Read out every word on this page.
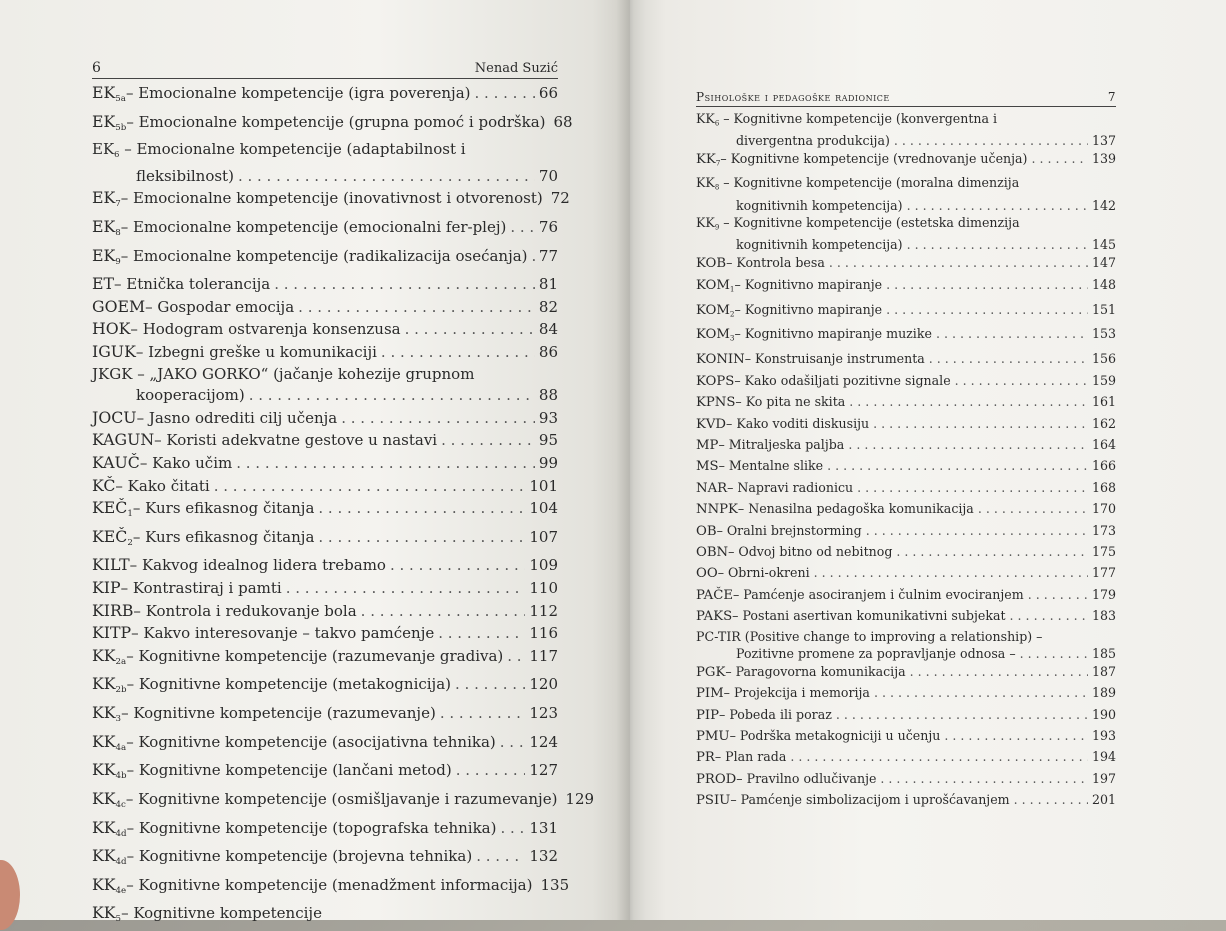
6	Nenad Suzić
$EK_{5a}$ – Emocionalne kompetencije (igra poverenja) . . .	66
$EK_{5b}$ – Emocionalne kompetencije (grupna pomoć i podrška) 68
$EK_6$ – Emocionalne kompetencije (adaptabilnost i
fleksibilnost) . . .	70
$EK_7$ – Emocionalne kompetencije (inovativnost i otvorenost) 72
$EK_8$ – Emocionalne kompetencije (emocionalni fer-plej) . . . 76
$EK_9$ – Emocionalne kompetencije (radikalizacija osećanja) . . . 77
ET – Etnička tolerancija . . .	81
GOEM – Gospodar emocija . . .	82
HOK – Hodogram ostvarenja konsenzusa . . .	84
IGUK – Izbegni greške u komunikaciji . . .	86
JKGK – „JAKO GORKO“ (jačanje kohezije grupnom
kooperacijom) . . .	88
JOCU – Jasno odrediti cilj učenja . . .	93
KAGUN – Koristi adekvatne gestove u nastavi . . .	95
KAUČ – Kako učim . . .	99
KČ – Kako čitati . . .	101
$KEČ_1$ – Kurs efikasnog čitanja . . .	104
$KEČ_2$ – Kurs efikasnog čitanja . . .	107
KILT – Kakvog idealnog lidera trebamo . . .	109
KIP – Kontrastiraj i pamti . . .	110
KIRB – Kontrola i redukovanje bola . . .	112
KITP – Kakvo interesovanje – takvo pamćenje . . .	116
$KK_{2a}$ – Kognitivne kompetencije (razumevanje gradiva) . . . 117
$KK_{2b}$ – Kognitivne kompetencije (metakognicija) . . .	120
$KK_3$ – Kognitivne kompetencije (razumevanje) . . .	123
$KK_{4a}$ – Kognitivne kompetencije (asocijativna tehnika) . . . 124
$KK_{4b}$ – Kognitivne kompetencije (lančani metod) . . .	127
$KK_{4c}$ – Kognitivne kompetencije (osmišljavanje i razumevanje) 129
$KK_{4d}$ – Kognitivne kompetencije (topografska tehnika) . . . 131
$KK_{4d}$ – Kognitivne kompetencije (brojevna tehnika) . . .	132
$KK_{4e}$ – Kognitivne kompetencije (menadžment informacija) 135
$KK_5$ – Kognitivne kompetencije
Psihološke i pedagoške radionice	7
$KK_6$ – Kognitivne kompetencije (konvergentna i
divergentna produkcija) . . .	137
$KK_7$ – Kognitivne kompetencije (vrednovanje učenja) . . .	139
$KK_8$ – Kognitivne kompetencije (moralna dimenzija
kognitivnih kompetencija) . . .	142
$KK_9$ – Kognitivne kompetencije (estetska dimenzija
kognitivnih kompetencija) . . .	145
KOB – Kontrola besa . . .	147
$KOM_1$ – Kognitivno mapiranje . . .	148
$KOM_2$ – Kognitivno mapiranje . . .	151
$KOM_3$ – Kognitivno mapiranje muzike . . .	153
KONIN – Konstruisanje instrumenta . . .	156
KOPS – Kako odašiljati pozitivne signale . . .	159
KPNS – Ko pita ne skita . . .	161
KVD – Kako voditi diskusiju . . .	162
MP – Mitraljeska paljba . . .	164
MS – Mentalne slike . . .	166
NAR – Napravi radionicu . . .	168
NNPK – Nenasilna pedagoška komunikacija . . .	170
OB – Oralni brejnstorming . . .	173
OBN – Odvoj bitno od nebitnog . . .	175
OO – Obrni-okreni . . .	177
PAČE – Pamćenje asociranjem i čulnim evociranjem . . .	179
PAKS – Postani asertivan komunikativni subjekat . . .	183
PC-TIR (Positive change to improving a relationship) –
Pozitivne promene za popravljanje odnosa – . . .	185
PGK – Paragovorna komunikacija . . .	187
PIM – Projekcija i memorija . . .	189
PIP – Pobeda ili poraz . . .	190
PMU – Podrška metakogniciji u učenju . . .	193
PR – Plan rada . . .	194
PROD – Pravilno odlučivanje . . .	197
PSIU – Pamćenje simbolizacijom i uprošćavanjem . . .	201
